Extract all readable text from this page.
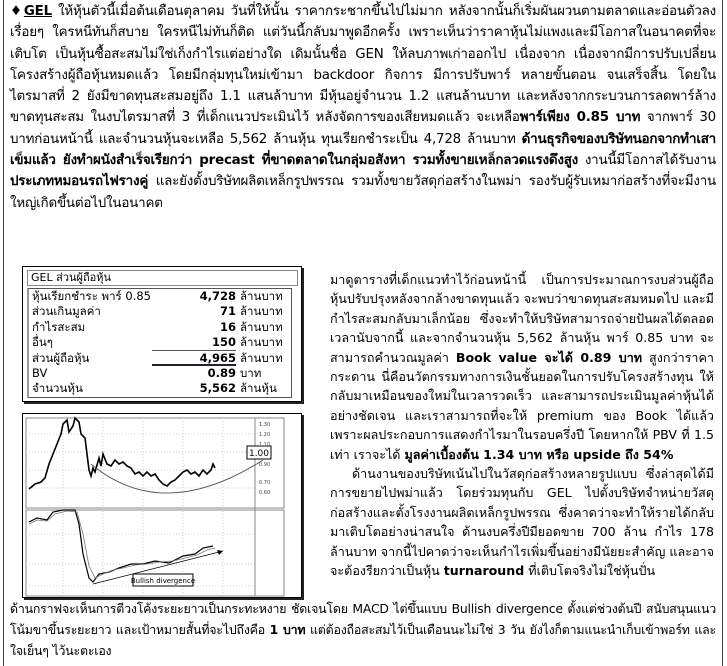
♦GEL ให้หุ้นตัวนี้เมื่อต้นเดือนตุลาคม วันที่ให้นั้น ราคากระชากขึ้นไปไม่มาก หลังจากนั้นก็เริ่มผันผวนตามตลาดและอ่อนตัวลงเรื่อยๆ ใครหนีทันก็สบาย ใครหนีไม่ทันก็ติด แต่วันนี้กลับมาพูดอีกครั้ง เพราะเห็นว่าราคาหุ้นไม่แพงและมีโอกาสในอนาคตที่จะเติบโต เป็นหุ้นซื้อสะสมไม่ใช่เก็งกำไรแต่อย่างใด เดิมนั้นชื่อ GEN ให้ลบภาพเก่าออกไป เนื่องจาก เนื่องจากมีการปรับเปลี่ยนโครงสร้างผู้ถือหุ้นหมดแล้ว โดยมีกลุ่มทุนใหม่เข้ามา backdoor กิจการ มีการปรับพาร์ หลายขั้นตอน จนเสร็จสิ้น โดยในไตรมาสที่ 2 ยังมีขาดทุนสะสมอยู่ถึง 1.1 แสนล้าบาท มีหุ้นอยู่จำนวน 1.2 แสนล้านบาท และหลังจากกระบวนการลดพาร์ล้างขาดทุนสะสม ในงบไตรมาสที่ 3 ที่เด็กแนวประเมินไว้ หลังจัดการของเสียหมดแล้ว จะเหลือพาร์เพียง 0.85 บาท จากพาร์ 30 บาทก่อนหน้านี้ และจำนวนหุ้นจะเหลือ 5,562 ล้านหุ้น ทุนเรียกชำระเป็น 4,728 ล้านบาท ด้านธุรกิจของบริษัทนอกจากทำเสาเข็มแล้ว ยังทำผนังสำเร็จเรียกว่า precast ที่ขาดตลาดในกลุ่มอสังหา รวมทั้งขายเหล็กลวดแรงดึงสูง งานนี้มีโอกาสได้รับงานประเภทหมอนรถไฟรางคู่ และยังตั้งบริษัทผลิตเหล็กรูปพรรณ รวมทั้งขายวัสดุก่อสร้างในพม่า รองรับผู้รับเหมาก่อสร้างที่จะมีงานใหญ่เกิดขึ้นต่อไปในอนาคต
GEL ส่วนผู้ถือหุ้น
หุ้นเรียกชำระ พาร์ 0.85	4,728 ล้านบาท
ส่วนเกินมูลค่า	71 ล้านบาท
กำไรสะสม	16 ล้านบาท
อื่นๆ	150 ล้านบาท
ส่วนผู้ถือหุ้น	4,965 ล้านบาท
BV	0.89 บาท
จำนวนหุ้น	5,562 ล้านหุ้น
1.00
1.30
1.20
1.10
0.90
0.70
0.60
Bullish divergence
มาดูตารางที่เด็กแนวทำไว้ก่อนหน้านี้ เป็นการประมาณการงบส่วนผู้ถือหุ้นปรับปรุงหลังจากล้างขาดทุนแล้ว จะพบว่าขาดทุนสะสมหมดไป และมีกำไรสะสมกลับมาเล็กน้อย ซึ่งจะทำให้บริษัทสามารถจ่ายปันผลได้ตลอดเวลานับจากนี้ และจากจำนวนหุ้น 5,562 ล้านหุ้น พาร์ 0.85 บาท จะสามารถคำนวณมูลค่า Book value จะได้ 0.89 บาท สูงกว่าราคากระดาน นี่คือนวัตกรรมทางการเงินชั้นยอดในการปรับโครงสร้างทุน ให้กลับมาเหมือนของใหม่ในเวลารวดเร็ว และสามารถประเมินมูลค่าหุ้นได้อย่างชัดเจน และเราสามารถที่จะให้ premium ของ Book ได้แล้วเพราะผลประกอบการแสดงกำไรมาในรอบครึ่งปี โดยหากให้ PBV ที่ 1.5 เท่า เราจะได้ มูลค่าเบื้องต้น 1.34 บาท หรือ upside ถึง 54%
ด้านงานของบริษัทเน้นไปในวัสดุก่อสร้างหลายรูปแบบ ซึ่งล่าสุดได้มีการขยายไปพม่าแล้ว โดยร่วมทุนกับ GEL ไปตั้งบริษัทจำหน่ายวัสดุก่อสร้างและตั้งโรงงานผลิตเหล็กรูปพรรณ ซึ่งคาดว่าจะทำให้รายได้กลับมาเติบโตอย่างน่าสนใจ ด้านงบครึ่งปีมียอดขาย 700 ล้าน กำไร 178 ล้านบาท จากนี้ไปคาดว่าจะเห็นกำไรเพิ่มขึ้นอย่างมีนัยยะสำคัญ และอาจจะต้องรียกว่าเป็นหุ้น turnaround ที่เติบโตจริงไม่ใช่หุ้นปั่น
ด้านกราฟจะเห็นการตีวงโค้งระยะยาวเป็นกระทะหงาย ชัดเจนโดย MACD ไต่ขึ้นแบบ Bullish divergence ตั้งแต่ช่วงต้นปี สนับสนุนแนวโน้มขาขึ้นระยะยาว และเป้าหมายสั้นที่จะไปถึงคือ 1 บาท แต่ต้องถือสะสมไว้เป็นเดือนนะไม่ใช่ 3 วัน ยังไงก็ตามแนะนำเก็บเข้าพอร์ท และใจเย็นๆ ไว้นะตะเอง
